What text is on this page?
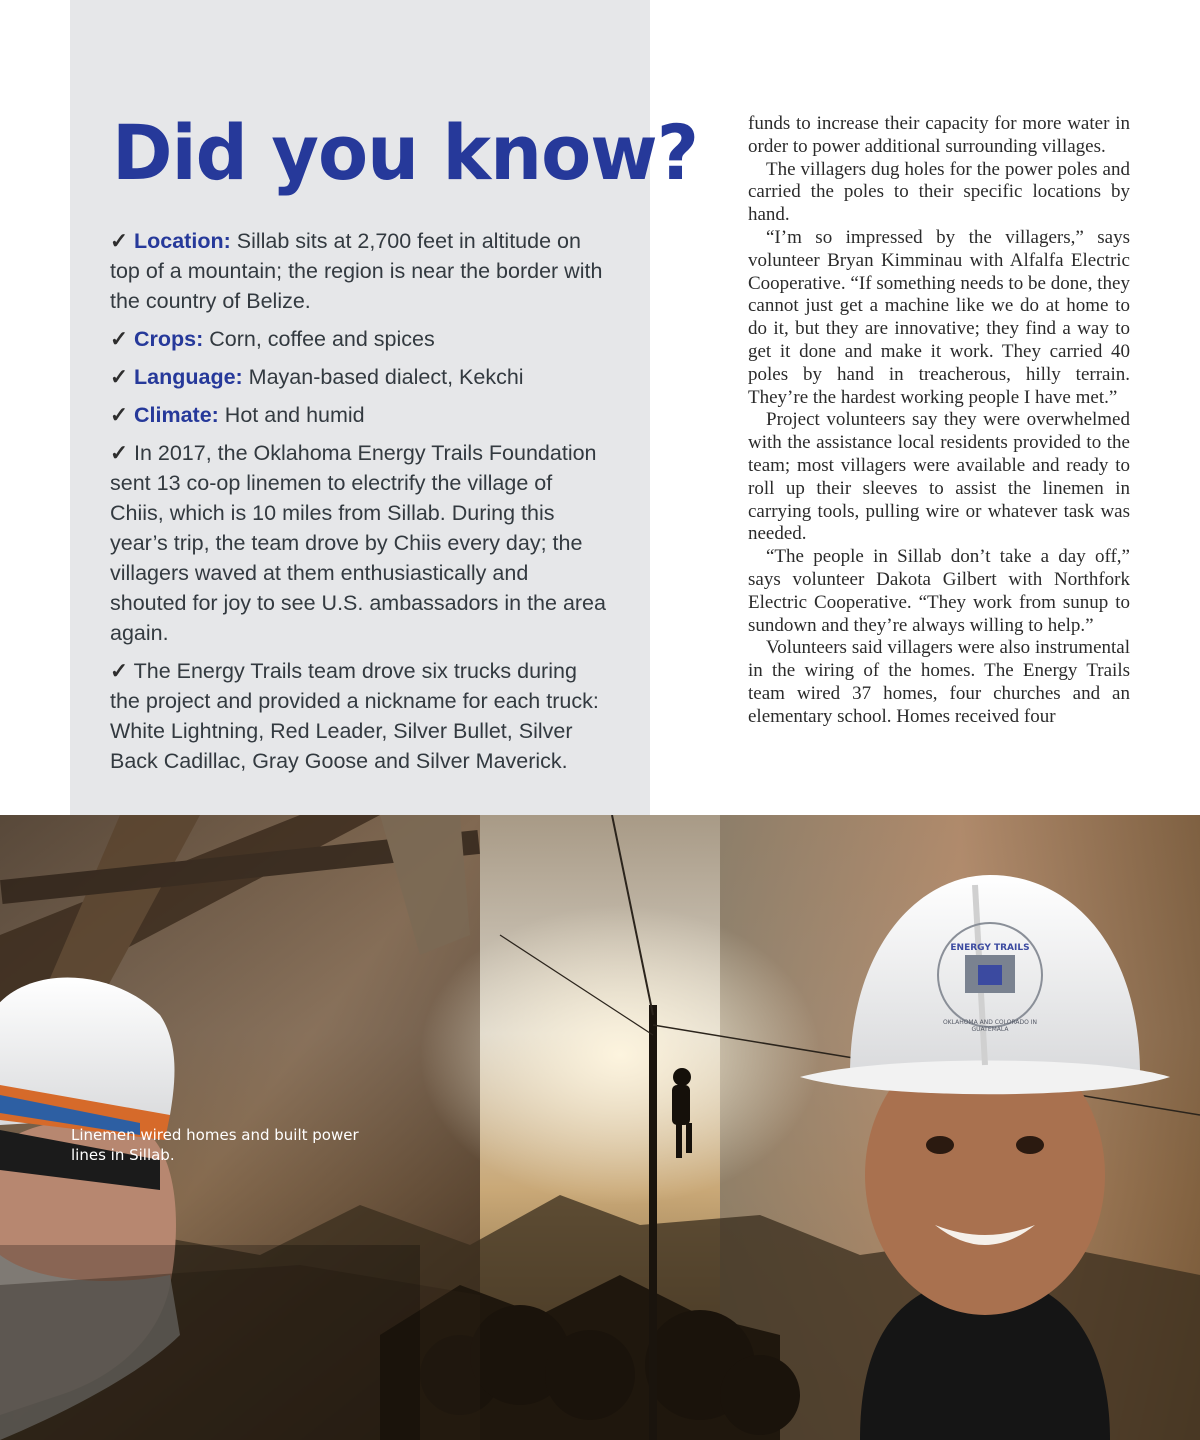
Did you know?
✓ Location: Sillab sits at 2,700 feet in altitude on top of a mountain; the region is near the border with the country of Belize.
✓ Crops: Corn, coffee and spices
✓ Language: Mayan-based dialect, Kekchi
✓ Climate: Hot and humid
✓ In 2017, the Oklahoma Energy Trails Foundation sent 13 co-op linemen to electrify the village of Chiis, which is 10 miles from Sillab. During this year’s trip, the team drove by Chiis every day; the villagers waved at them enthusiastically and shouted for joy to see U.S. ambassadors in the area again.
✓ The Energy Trails team drove six trucks during the project and provided a nickname for each truck: White Lightning, Red Leader, Silver Bullet, Silver Back Cadillac, Gray Goose and Silver Maverick.

funds to increase their capacity for more water in order to power additional surrounding villages.

The villagers dug holes for the power poles and carried the poles to their specific locations by hand.

“I’m so impressed by the villagers,” says volunteer Bryan Kimminau with Alfalfa Electric Cooperative. “If something needs to be done, they cannot just get a machine like we do at home to do it, but they are innovative; they find a way to get it done and make it work. They carried 40 poles by hand in treacherous, hilly terrain. They’re the hardest working people I have met.”

Project volunteers say they were overwhelmed with the assistance local residents provided to the team; most villagers were available and ready to roll up their sleeves to assist the linemen in carrying tools, pulling wire or whatever task was needed.

“The people in Sillab don’t take a day off,” says volunteer Dakota Gilbert with Northfork Electric Cooperative. “They work from sunup to sundown and they’re always willing to help.”

Volunteers said villagers were also instrumental in the wiring of the homes. The Energy Trails team wired 37 homes, four churches and an elementary school. Homes received four

ENERGY TRAILS
OKLAHOMA AND COLORADO IN GUATEMALA
Linemen wired homes and built power lines in Sillab.
